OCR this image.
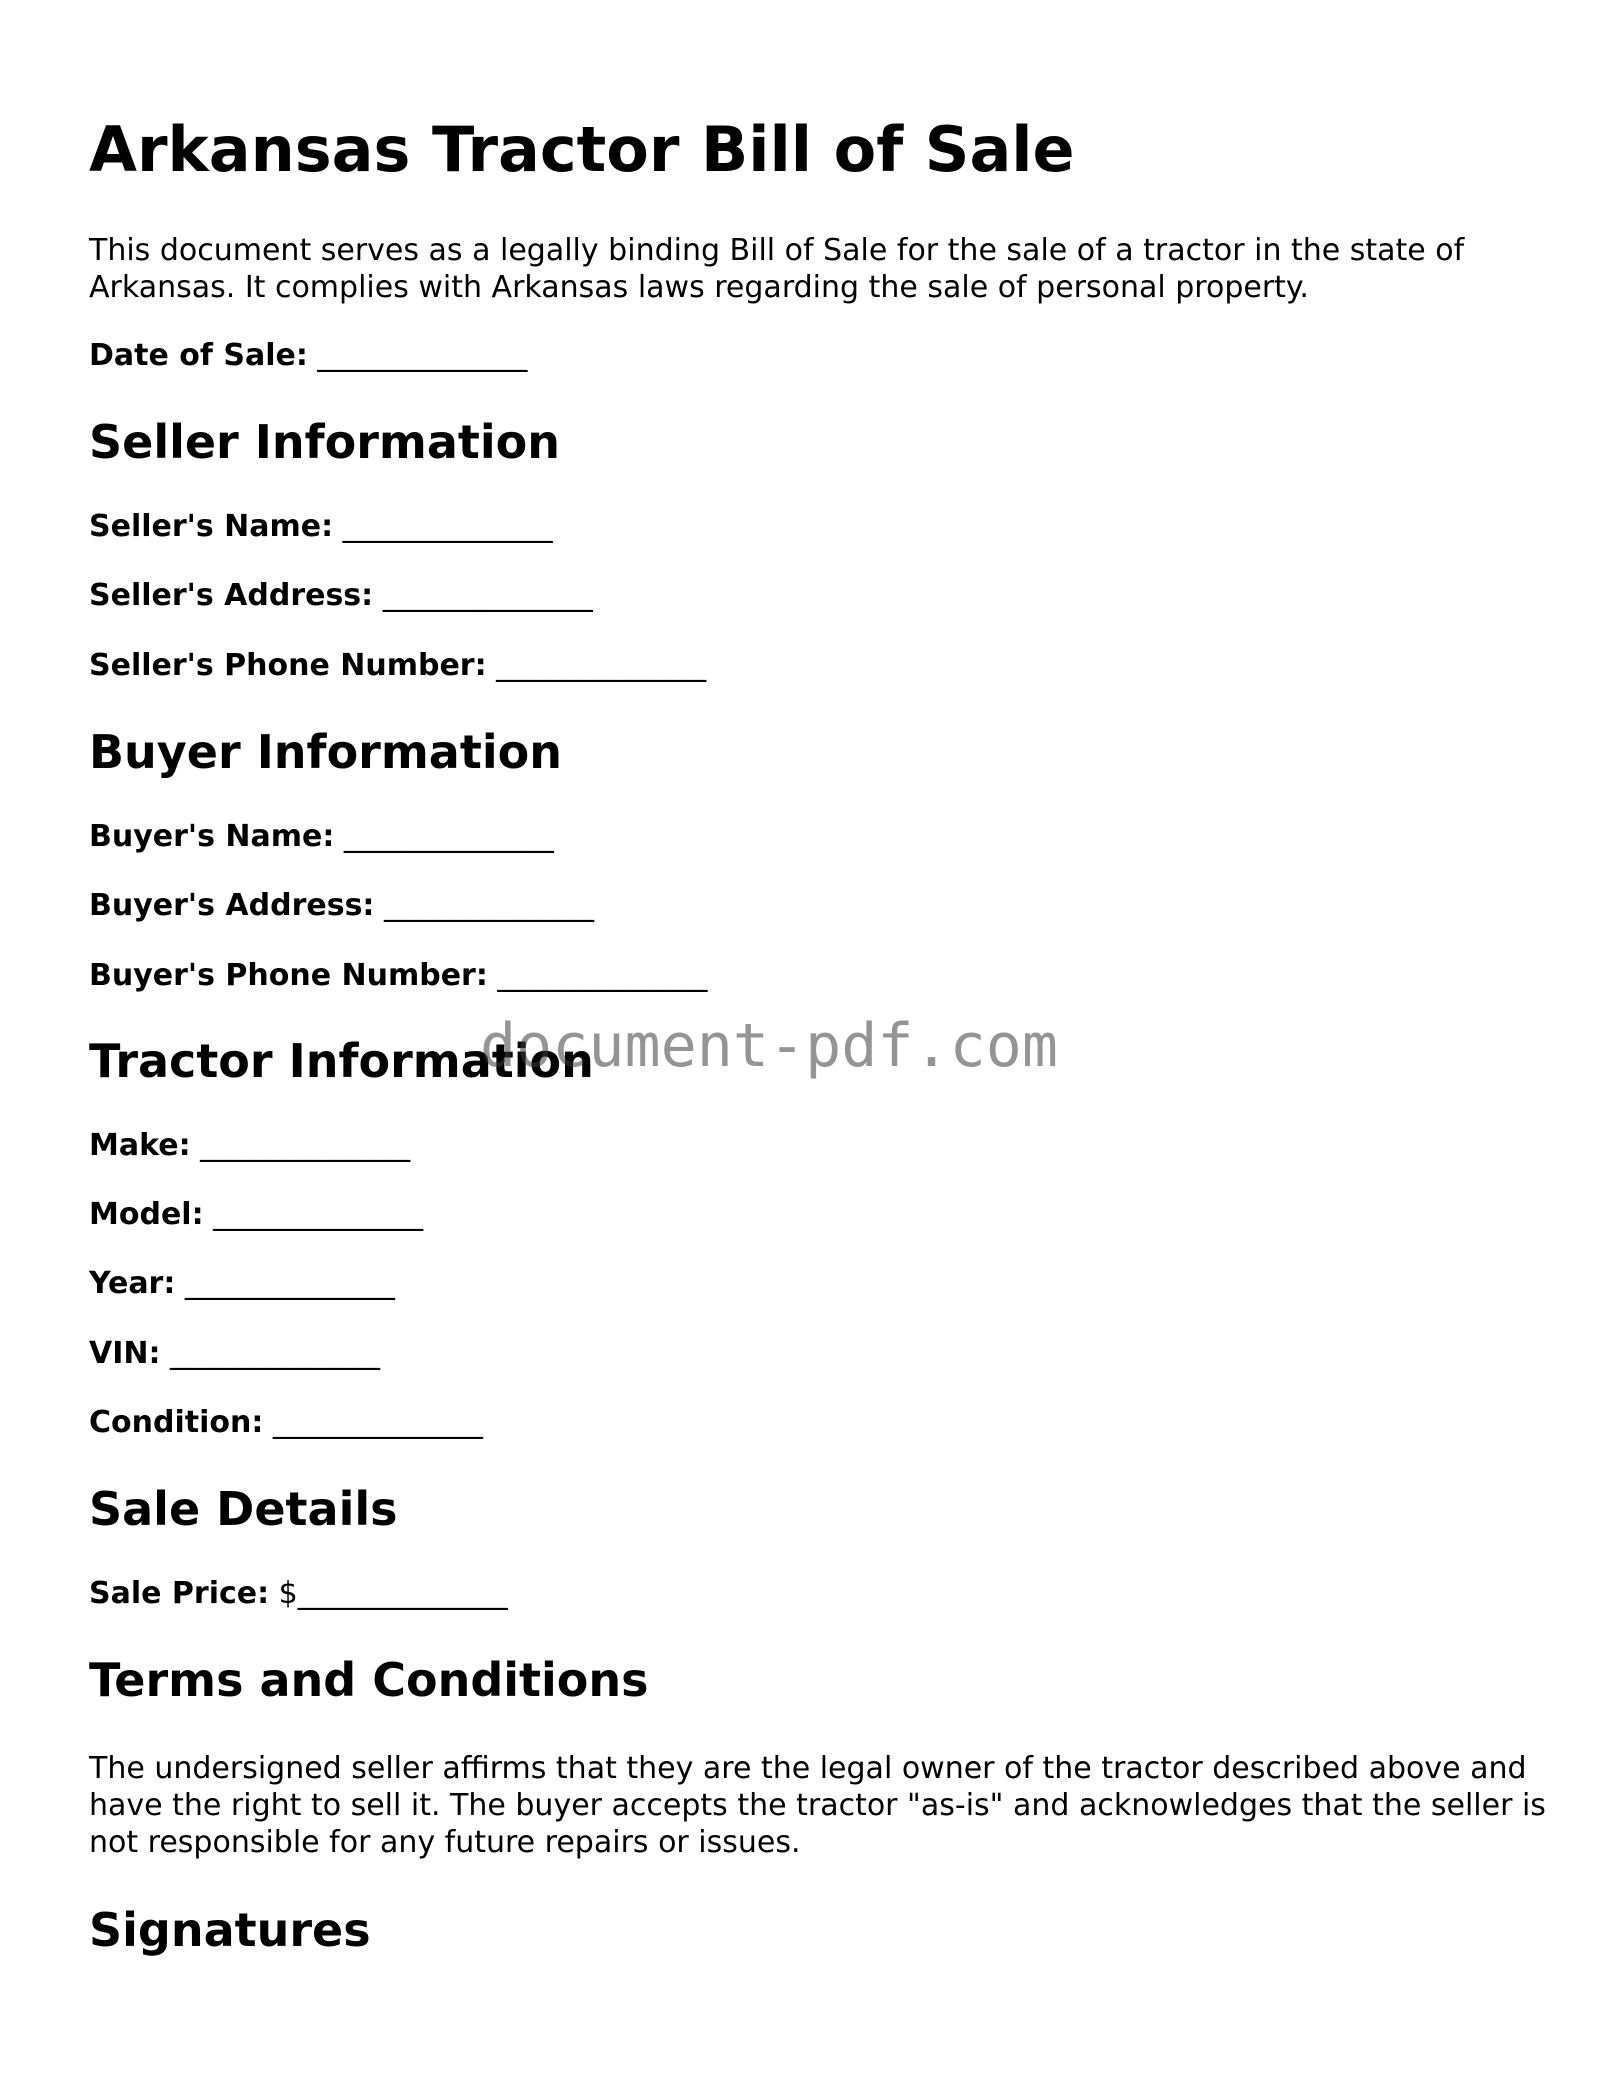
Arkansas Tractor Bill of Sale

This document serves as a legally binding Bill of Sale for the sale of a tractor in the state of Arkansas. It complies with Arkansas laws regarding the sale of personal property.

Date of Sale: ______________

Seller Information

Seller's Name: ______________

Seller's Address: ______________

Seller's Phone Number: ______________

Buyer Information

Buyer's Name: ______________

Buyer's Address: ______________

Buyer's Phone Number: ______________

Tractor Information

Make: ______________

Model: ______________

Year: ______________

VIN: ______________

Condition: ______________

Sale Details

Sale Price: $______________

Terms and Conditions

The undersigned seller affirms that they are the legal owner of the tractor described above and have the right to sell it. The buyer accepts the tractor "as-is" and acknowledges that the seller is not responsible for any future repairs or issues.

Signatures
document-pdf.com
